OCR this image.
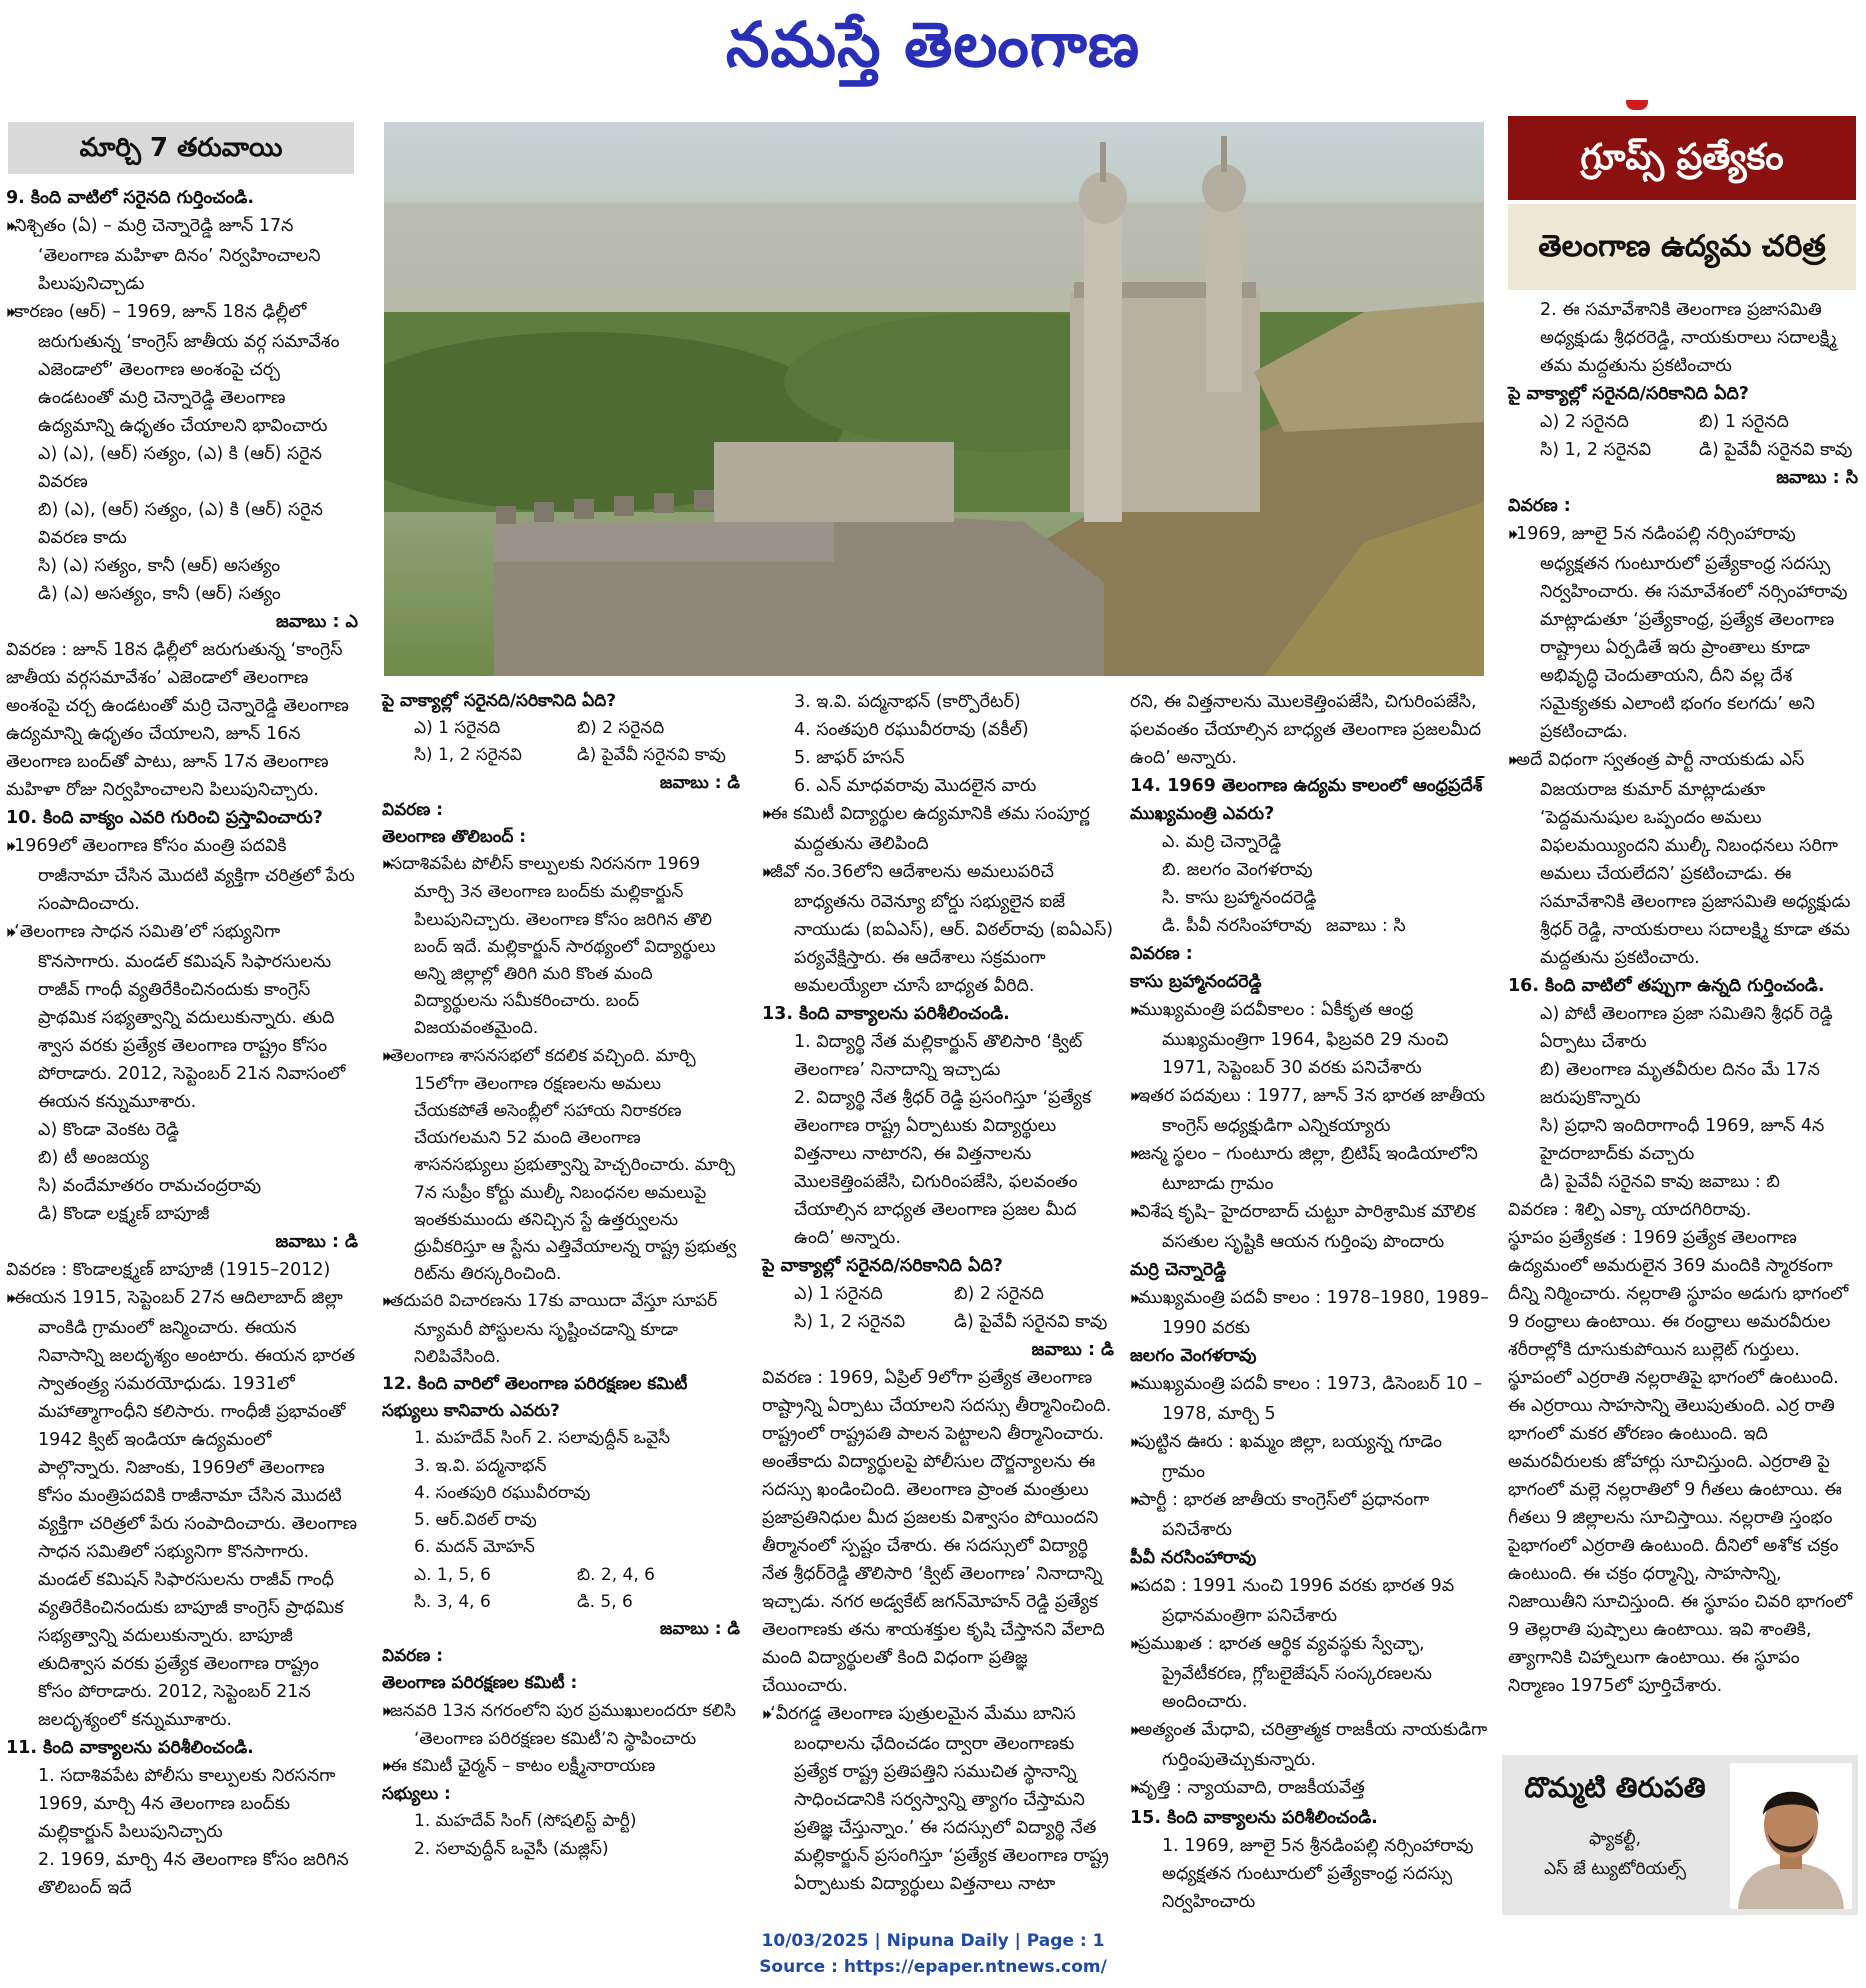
నమస్తే తెలంగాణ
మార్చి 7 తరువాయి	గ్రూప్స్ ప్రత్యేకం
తెలంగాణ ఉద్యమ చరిత్ర

9. కింది వాటిలో సరైనది గుర్తించండి.

⏵⏵ నిశ్చితం (ఏ) – మర్రి చెన్నారెడ్డి జూన్ 17న ‘తెలంగాణ మహిళా దినం’ నిర్వహించాలని పిలుపునిచ్చాడు

⏵⏵ కారణం (ఆర్) – 1969, జూన్ 18న ఢిల్లీలో జరుగుతున్న ‘కాంగ్రెస్ జాతీయ వర్గ సమావేశం ఎజెండాలో’ తెలంగాణ అంశంపై చర్చ ఉండటంతో మర్రి చెన్నారెడ్డి తెలంగాణ ఉద్యమాన్ని ఉధృతం చేయాలని భావించారు

ఎ) (ఎ), (ఆర్) సత్యం, (ఎ) కి (ఆర్) సరైన వివరణ

బి) (ఎ), (ఆర్) సత్యం, (ఎ) కి (ఆర్) సరైన వివరణ కాదు

సి) (ఎ) సత్యం, కానీ (ఆర్) అసత్యం

డి) (ఎ) అసత్యం, కానీ (ఆర్) సత్యం

జవాబు : ఎ

వివరణ : జూన్ 18న ఢిల్లీలో జరుగుతున్న ‘కాంగ్రెస్ జాతీయ వర్గసమావేశం’ ఎజెండాలో తెలంగాణ అంశంపై చర్చ ఉండటంతో మర్రి చెన్నారెడ్డి తెలంగాణ ఉద్యమాన్ని ఉధృతం చేయాలని, జూన్ 16న తెలంగాణ బంద్‌తో పాటు, జూన్ 17న తెలంగాణ మహిళా రోజు నిర్వహించాలని పిలుపునిచ్చారు.

10. కింది వాక్యం ఎవరి గురించి ప్రస్తావించారు?

⏵⏵ 1969లో తెలంగాణ కోసం మంత్రి పదవికి రాజీనామా చేసిన మొదటి వ్యక్తిగా చరిత్రలో పేరు సంపాదించారు.

⏵⏵ ‘తెలంగాణ సాధన సమితి’లో సభ్యునిగా కొనసాగారు. మండల్ కమిషన్ సిఫారసులను రాజీవ్ గాంధీ వ్యతిరేకించినందుకు కాంగ్రెస్ ప్రాథమిక సభ్యత్వాన్ని వదులుకున్నారు. తుది శ్వాస వరకు ప్రత్యేక తెలంగాణ రాష్ట్రం కోసం పోరాడారు. 2012, సెప్టెంబర్ 21న నివాసంలో ఈయన కన్నుమూశారు.

ఎ) కొండా వెంకట రెడ్డి

బి) టీ అంజయ్య

సి) వందేమాతరం రామచంద్రరావు

డి) కొండా లక్ష్మణ్ బాపూజీ

జవాబు : డి

వివరణ : కొండాలక్ష్మణ్ బాపూజీ (1915–2012)

⏵⏵ ఈయన 1915, సెప్టెంబర్ 27న ఆదిలాబాద్ జిల్లా వాంకిడి గ్రామంలో జన్మించారు. ఈయన నివాసాన్ని జలదృశ్యం అంటారు. ఈయన భారత స్వాతంత్ర్య సమరయోధుడు. 1931లో మహాత్మాగాంధీని కలిసారు. గాంధీజీ ప్రభావంతో 1942 క్విట్ ఇండియా ఉద్యమంలో పాల్గొన్నారు. నిజాంకు, 1969లో తెలంగాణ కోసం మంత్రిపదవికి రాజీనామా చేసిన మొదటి వ్యక్తిగా చరిత్రలో పేరు సంపాదించారు. తెలంగాణ సాధన సమితిలో సభ్యునిగా కొనసాగారు. మండల్ కమిషన్ సిఫారసులను రాజీవ్ గాంధీ వ్యతిరేకించినందుకు బాపూజీ కాంగ్రెస్ ప్రాథమిక సభ్యత్వాన్ని వదులుకున్నారు. బాపూజీ తుదిశ్వాస వరకు ప్రత్యేక తెలంగాణ రాష్ట్రం కోసం పోరాడారు. 2012, సెప్టెంబర్ 21న జలదృశ్యంలో కన్నుమూశారు.

11. కింది వాక్యాలను పరిశీలించండి.

1. సదాశివపేట పోలీసు కాల్పులకు నిరసనగా 1969, మార్చి 4న తెలంగాణ బంద్‌కు మల్లికార్జున్ పిలుపునిచ్చారు

2. 1969, మార్చి 4న తెలంగాణ కోసం జరిగిన తొలిబంద్ ఇదే

పై వాక్యాల్లో సరైనది/సరికానిది ఏది?

ఎ) 1 సరైనది	బి) 2 సరైనది

సి) 1, 2 సరైనవి	డి) పైవేవీ సరైనవి కావు

జవాబు : డి

వివరణ :

తెలంగాణ తొలిబంద్ :

⏵⏵ సదాశివపేట పోలీస్ కాల్పులకు నిరసనగా 1969 మార్చి 3న తెలంగాణ బంద్‌కు మల్లికార్జున్ పిలుపునిచ్చారు. తెలంగాణ కోసం జరిగిన తొలి బంద్ ఇదే. మల్లికార్జున్ సారథ్యంలో విద్యార్థులు అన్ని జిల్లాల్లో తిరిగి మరి కొంత మంది విద్యార్థులను సమీకరించారు. బంద్ విజయవంతమైంది.

⏵⏵ తెలంగాణ శాసనసభలో కదలిక వచ్చింది. మార్చి 15లోగా తెలంగాణ రక్షణలను అమలు చేయకపోతే అసెంబ్లీలో సహాయ నిరాకరణ చేయగలమని 52 మంది తెలంగాణ శాసనసభ్యులు ప్రభుత్వాన్ని హెచ్చరించారు. మార్చి 7న సుప్రీం కోర్టు ముల్కీ నిబంధనల అమలుపై ఇంతకుముందు తనిచ్చిన స్టే ఉత్తర్వులను ధ్రువీకరిస్తూ ఆ స్టేను ఎత్తివేయాలన్న రాష్ట్ర ప్రభుత్వ రిట్‌ను తిరస్కరించింది.

⏵⏵ తదుపరి విచారణను 17కు వాయిదా వేస్తూ సూపర్ న్యూమరీ పోస్టులను సృష్టించడాన్ని కూడా నిలిపివేసింది.

12. కింది వారిలో తెలంగాణ పరిరక్షణల కమిటీ సభ్యులు కానివారు ఎవరు?

1. మహదేవ్ సింగ్ 2. సలావుద్దీన్ ఒవైసీ

3. ఇ.వి. పద్మనాభన్

4. సంతపురి రఘువీరరావు

5. ఆర్.విఠల్ రావు

6. మదన్ మోహన్

ఎ. 1, 5, 6	బి. 2, 4, 6

సి. 3, 4, 6	డి. 5, 6

జవాబు : డి

వివరణ :

తెలంగాణ పరిరక్షణల కమిటీ :

⏵⏵ జనవరి 13న నగరంలోని పుర ప్రముఖులందరూ కలిసి ‘తెలంగాణ పరిరక్షణల కమిటీ’ని స్థాపించారు

⏵⏵ ఈ కమిటీ ఛైర్మన్ – కాటం లక్ష్మీనారాయణ

సభ్యులు :

1. మహదేవ్ సింగ్ (సోషలిస్ట్ పార్టీ)

2. సలావుద్దీన్ ఒవైసీ (మజ్లిస్)

3. ఇ.వి. పద్మనాభన్ (కార్పొరేటర్)

4. సంతపురి రఘువీరరావు (వకీల్)

5. జాఫర్ హసన్

6. ఎన్ మాధవరావు మొదలైన వారు

⏵⏵ ఈ కమిటీ విద్యార్థుల ఉద్యమానికి తమ సంపూర్ణ మద్దతును తెలిపింది

⏵⏵ జీవో నం.36లోని ఆదేశాలను అమలుపరిచే బాధ్యతను రెవెన్యూ బోర్డు సభ్యులైన ఐజే నాయుడు (ఐఏఎస్), ఆర్. విఠల్‌రావు (ఐఏఎస్) పర్యవేక్షిస్తారు. ఈ ఆదేశాలు సక్రమంగా అమలయ్యేలా చూసే బాధ్యత వీరిది.

13. కింది వాక్యాలను పరిశీలించండి.

1. విద్యార్థి నేత మల్లికార్జున్ తొలిసారి ‘క్విట్ తెలంగాణ’ నినాదాన్ని ఇచ్చాడు

2. విద్యార్థి నేత శ్రీధర్ రెడ్డి ప్రసంగిస్తూ ‘ప్రత్యేక తెలంగాణ రాష్ట్ర ఏర్పాటుకు విద్యార్థులు విత్తనాలు నాటారని, ఈ విత్తనాలను మొలకెత్తింపజేసి, చిగురింపజేసి, ఫలవంతం చేయాల్సిన బాధ్యత తెలంగాణ ప్రజల మీద ఉంది’ అన్నారు.

పై వాక్యాల్లో సరైనది/సరికానిది ఏది?

ఎ) 1 సరైనది	బి) 2 సరైనది

సి) 1, 2 సరైనవి	డి) పైవేవీ సరైనవి కావు

జవాబు : డి

వివరణ : 1969, ఏప్రిల్ 9లోగా ప్రత్యేక తెలంగాణ రాష్ట్రాన్ని ఏర్పాటు చేయాలని సదస్సు తీర్మానించింది. రాష్ట్రంలో రాష్ట్రపతి పాలన పెట్టాలని తీర్మానించారు. అంతేకాదు విద్యార్థులపై పోలీసుల దౌర్జన్యాలను ఈ సదస్సు ఖండించింది. తెలంగాణ ప్రాంత మంత్రులు ప్రజాప్రతినిధుల మీద ప్రజలకు విశ్వాసం పోయిందని తీర్మానంలో స్పష్టం చేశారు. ఈ సదస్సులో విద్యార్థి నేత శ్రీధర్‌రెడ్డి తొలిసారి ‘క్విట్ తెలంగాణ’ నినాదాన్ని ఇచ్చాడు. నగర అడ్వకేట్ జగన్‌మోహన్ రెడ్డి ప్రత్యేక తెలంగాణకు తను శాయశక్తుల కృషి చేస్తానని వేలాది మంది విద్యార్థులతో కింది విధంగా ప్రతిజ్ఞ చేయించారు.

⏵⏵ ‘వీరగడ్డ తెలంగాణ పుత్రులమైన మేము బానిస బంధాలను ఛేదించడం ద్వారా తెలంగాణకు ప్రత్యేక రాష్ట్ర ప్రతిపత్తిని సముచిత స్థానాన్ని సాధించడానికి సర్వస్వాన్ని త్యాగం చేస్తామని ప్రతిజ్ఞ చేస్తున్నాం.’ ఈ సదస్సులో విద్యార్థి నేత మల్లికార్జున్ ప్రసంగిస్తూ ‘ప్రత్యేక తెలంగాణ రాష్ట్ర ఏర్పాటుకు విద్యార్థులు విత్తనాలు నాటా

రని, ఈ విత్తనాలను మొలకెత్తింపజేసి, చిగురింపజేసి, ఫలవంతం చేయాల్సిన బాధ్యత తెలంగాణ ప్రజలమీద ఉంది’ అన్నారు.

14. 1969 తెలంగాణ ఉద్యమ కాలంలో ఆంధ్రప్రదేశ్ ముఖ్యమంత్రి ఎవరు?

ఎ. మర్రి చెన్నారెడ్డి

బి. జలగం వెంగళరావు

సి. కాసు బ్రహ్మానందరెడ్డి

డి. పీవీ నరసింహారావు జవాబు : సి

వివరణ :

కాసు బ్రహ్మానందరెడ్డి

⏵⏵ ముఖ్యమంత్రి పదవీకాలం : ఏకీకృత ఆంధ్ర ముఖ్యమంత్రిగా 1964, ఫిబ్రవరి 29 నుంచి 1971, సెప్టెంబర్ 30 వరకు పనిచేశారు

⏵⏵ ఇతర పదవులు : 1977, జూన్ 3న భారత జాతీయ కాంగ్రెస్ అధ్యక్షుడిగా ఎన్నికయ్యారు

⏵⏵ జన్మ స్థలం – గుంటూరు జిల్లా, బ్రిటిష్ ఇండియాలోని టూబాడు గ్రామం

⏵⏵ విశేష కృషి– హైదరాబాద్ చుట్టూ పారిశ్రామిక మౌలిక వసతుల సృష్టికి ఆయన గుర్తింపు పొందారు

మర్రి చెన్నారెడ్డి

⏵⏵ ముఖ్యమంత్రి పదవీ కాలం : 1978–1980, 1989–1990 వరకు

జలగం వెంగళరావు

⏵⏵ ముఖ్యమంత్రి పదవీ కాలం : 1973, డిసెంబర్ 10 – 1978, మార్చి 5

⏵⏵ పుట్టిన ఊరు : ఖమ్మం జిల్లా, బయ్యన్న గూడెం గ్రామం

⏵⏵ పార్టీ : భారత జాతీయ కాంగ్రెస్‌లో ప్రధానంగా పనిచేశారు

పీవీ నరసింహారావు

⏵⏵ పదవి : 1991 నుంచి 1996 వరకు భారత 9వ ప్రధానమంత్రిగా పనిచేశారు

⏵⏵ ప్రముఖత : భారత ఆర్థిక వ్యవస్థకు స్వేచ్ఛా, ప్రైవేటీకరణ, గ్లోబలైజేషన్ సంస్కరణలను అందించారు.

⏵⏵ అత్యంత మేధావి, చరిత్రాత్మక రాజకీయ నాయకుడిగా గుర్తింపుతెచ్చుకున్నారు.

⏵⏵ వృత్తి : న్యాయవాది, రాజకీయవేత్త

15. కింది వాక్యాలను పరిశీలించండి.

1. 1969, జూలై 5న శ్రీనడింపల్లి నర్సింహారావు అధ్యక్షతన గుంటూరులో ప్రత్యేకాంధ్ర సదస్సు నిర్వహించారు

2. ఈ సమావేశానికి తెలంగాణ ప్రజాసమితి అధ్యక్షుడు శ్రీధరరెడ్డి, నాయకురాలు సదాలక్ష్మి తమ మద్దతును ప్రకటించారు

పై వాక్యాల్లో సరైనది/సరికానిది ఏది?

ఎ) 2 సరైనది	బి) 1 సరైనది

సి) 1, 2 సరైనవి	డి) పైవేవీ సరైనవి కావు

జవాబు : సి

వివరణ :

⏵⏵ 1969, జూలై 5న నడింపల్లి నర్సింహారావు అధ్యక్షతన గుంటూరులో ప్రత్యేకాంధ్ర సదస్సు నిర్వహించారు. ఈ సమావేశంలో నర్సింహారావు మాట్లాడుతూ ‘ప్రత్యేకాంధ్ర, ప్రత్యేక తెలంగాణ రాష్ట్రాలు ఏర్పడితే ఇరు ప్రాంతాలు కూడా అభివృద్ధి చెందుతాయని, దీని వల్ల దేశ సమైక్యతకు ఎలాంటి భంగం కలగదు’ అని ప్రకటించాడు.

⏵⏵ అదే విధంగా స్వతంత్ర పార్టీ నాయకుడు ఎస్ విజయరాజ కుమార్ మాట్లాడుతూ ‘పెద్దమనుషుల ఒప్పందం అమలు విఫలమయ్యిందని ముల్కీ నిబంధనలు సరిగా అమలు చేయలేదని’ ప్రకటించాడు. ఈ సమావేశానికి తెలంగాణ ప్రజాసమితి అధ్యక్షుడు శ్రీధర్ రెడ్డి, నాయకురాలు సదాలక్ష్మి కూడా తమ మద్దతును ప్రకటించారు.

16. కింది వాటిలో తప్పుగా ఉన్నది గుర్తించండి.

ఎ) పోటీ తెలంగాణ ప్రజా సమితిని శ్రీధర్ రెడ్డి ఏర్పాటు చేశారు

బి) తెలంగాణ మృతవీరుల దినం మే 17న జరుపుకొన్నారు

సి) ప్రధాని ఇందిరాగాంధీ 1969, జూన్ 4న హైదరాబాద్‌కు వచ్చారు

డి) పైవేవీ సరైనవి కావు జవాబు : బి

వివరణ : శిల్పి ఎక్కా యాదగిరిరావు.

స్థూపం ప్రత్యేకత : 1969 ప్రత్యేక తెలంగాణ ఉద్యమంలో అమరులైన 369 మందికి స్మారకంగా దీన్ని నిర్మించారు. నల్లరాతి స్థూపం అడుగు భాగంలో 9 రంధ్రాలు ఉంటాయి. ఈ రంధ్రాలు అమరవీరుల శరీరాల్లోకి దూసుకుపోయిన బుల్లెట్ గుర్తులు. స్థూపంలో ఎర్రరాతి నల్లరాతిపై భాగంలో ఉంటుంది. ఈ ఎర్రరాయి సాహసాన్ని తెలుపుతుంది. ఎర్ర రాతి భాగంలో మకర తోరణం ఉంటుంది. ఇది అమరవీరులకు జోహార్లు సూచిస్తుంది. ఎర్రరాతి పై భాగంలో మల్లె నల్లరాతిలో 9 గీతలు ఉంటాయి. ఈ గీతలు 9 జిల్లాలను సూచిస్తాయి. నల్లరాతి స్తంభం పైభాగంలో ఎర్రరాతి ఉంటుంది. దీనిలో అశోక చక్రం ఉంటుంది. ఈ చక్రం ధర్మాన్ని, సాహసాన్ని, నిజాయితీని సూచిస్తుంది. ఈ స్థూపం చివరి భాగంలో 9 తెల్లరాతి పుష్పాలు ఉంటాయి. ఇవి శాంతికి, త్యాగానికి చిహ్నాలుగా ఉంటాయి. ఈ స్థూపం నిర్మాణం 1975లో పూర్తిచేశారు.

దొమ్మటి తిరుపతి
ఫ్యాకల్టీ,
ఎస్ జే ట్యుటోరియల్స్
10/03/2025 | Nipuna Daily | Page : 1
Source : https://epaper.ntnews.com/
